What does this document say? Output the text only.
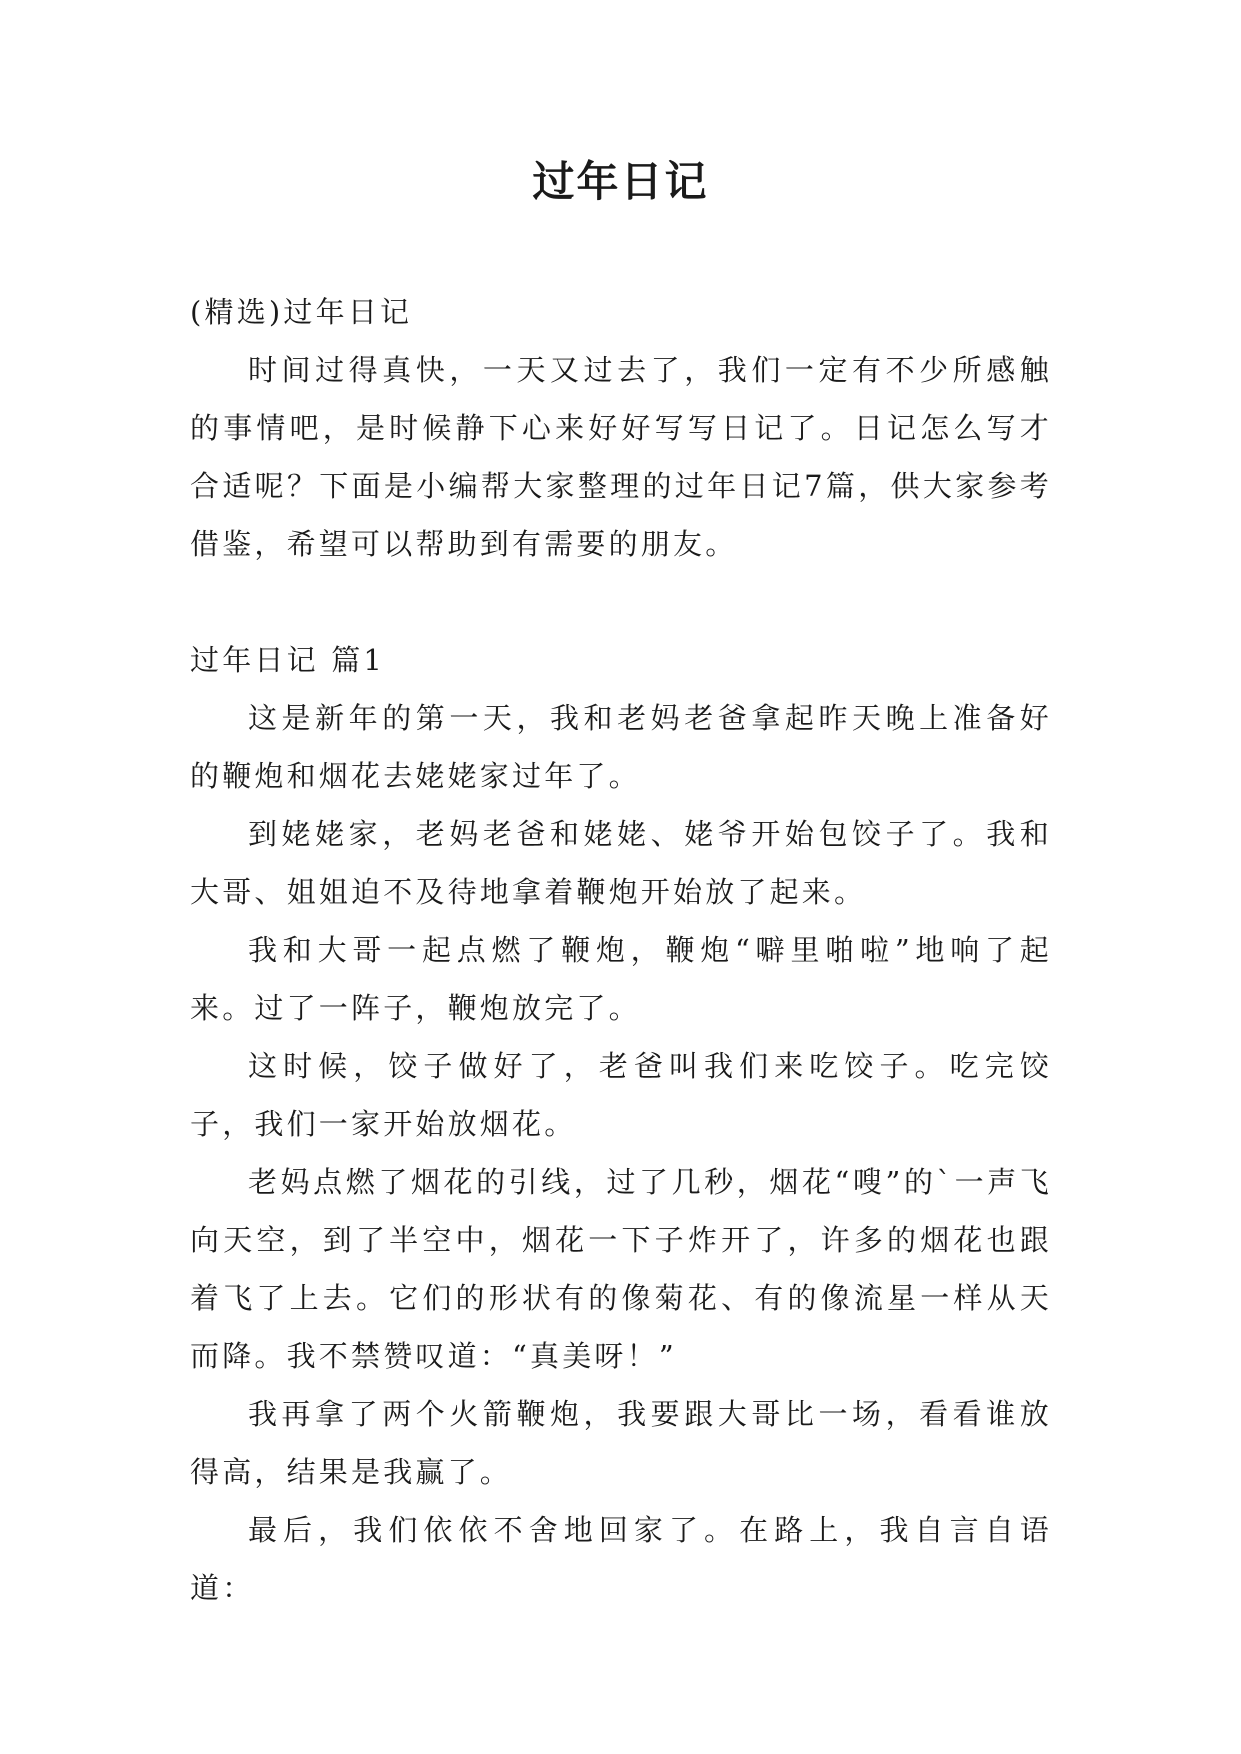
过年日记

(精选)过年日记

时间过得真快，一天又过去了，我们一定有不少所感触的事情吧，是时候静下心来好好写写日记了。日记怎么写才合适呢？下面是小编帮大家整理的过年日记7篇，供大家参考借鉴，希望可以帮助到有需要的朋友。

过年日记 篇1

这是新年的第一天，我和老妈老爸拿起昨天晚上准备好的鞭炮和烟花去姥姥家过年了。

到姥姥家，老妈老爸和姥姥、姥爷开始包饺子了。我和大哥、姐姐迫不及待地拿着鞭炮开始放了起来。

我和大哥一起点燃了鞭炮，鞭炮“噼里啪啦”地响了起来。过了一阵子，鞭炮放完了。

这时候，饺子做好了，老爸叫我们来吃饺子。吃完饺子，我们一家开始放烟花。

老妈点燃了烟花的引线，过了几秒，烟花“嗖”的`一声飞向天空，到了半空中，烟花一下子炸开了，许多的烟花也跟着飞了上去。它们的形状有的像菊花、有的像流星一样从天而降。我不禁赞叹道：“真美呀！”

我再拿了两个火箭鞭炮，我要跟大哥比一场，看看谁放得高，结果是我赢了。

最后，我们依依不舍地回家了。在路上，我自言自语道：
